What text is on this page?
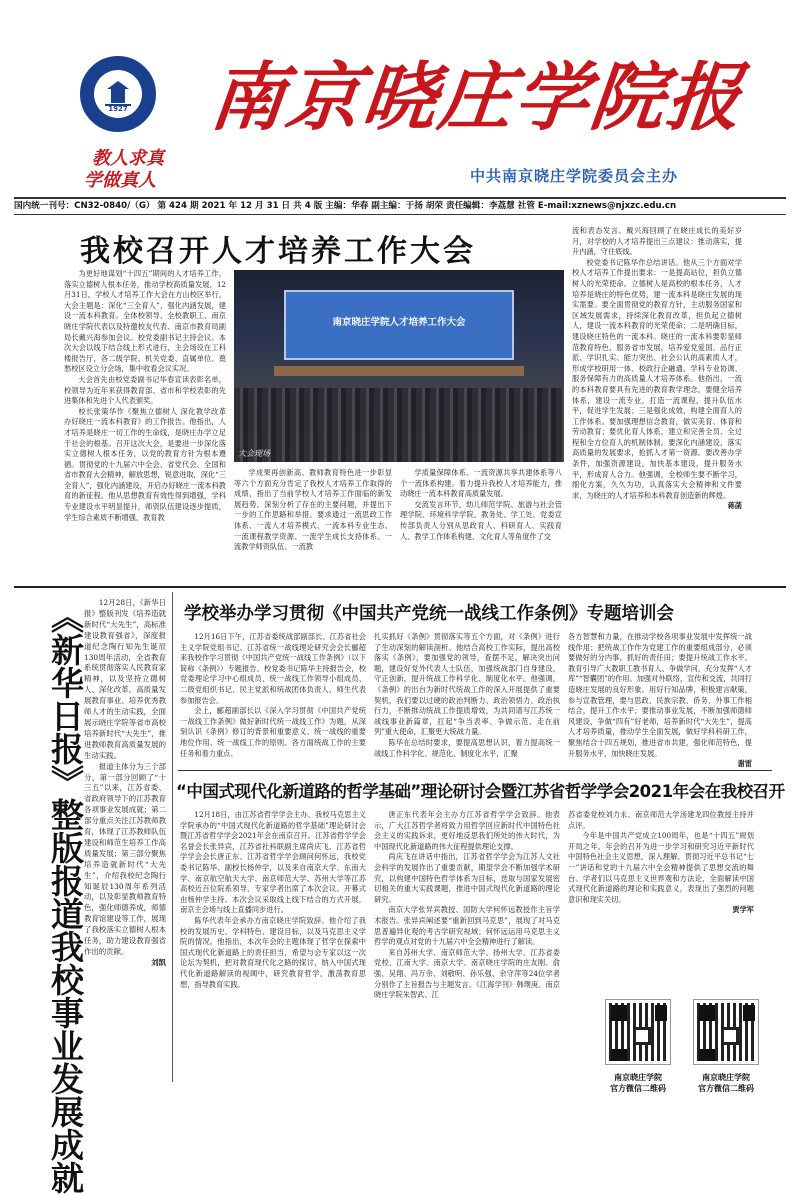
1927
教人求真
学做真人
南京晓庄学院报
中共南京晓庄学院委员会主办
国内统一刊号：CN32-0840/（G） 第 424 期 2021 年 12 月 31 日 共 4 版 主编：华春 副主编：于扬 胡荣 责任编辑：李荔慧 社管 E-mail:xznews@njxzc.edu.cn
我校召开人才培养工作大会

为更好地谋划“十四五”期间的人才培养工作，落实立德树人根本任务，推动学校高质量发展，12月31日，学校人才培养工作大会在方山校区举行。大会主题是：深化“三全育人”，强化内涵发展，建设一流本科教育。全体校领导、全校教职工、南京晓庄学院代表以及特邀校友代表、南京市教育局副局长戴兴海参加会议。校党委副书记主持会议。本次大会以线下结合线上形式进行，主会场设在工科楼报告厅，各二级学院、机关党委、直属单位、奠愁校区设立分会场，集中收看会议实况。

大会首先由校党委副书记华春宣读表彰名单，校领导为近年来获得教育部、省市和学校表彰的先进集体和先进个人代表颁奖。

校长张策华作《聚焦立德树人 深化教学改革 办好晓庄一流本科教育》的工作报告。他指出，人才培养是晓庄一切工作的生命线，是晓庄办学立足于社会的根基。召开这次大会，是要进一步深化落实立德树人根本任务，以党的教育方针为根本遵循。贯彻党的十九届六中全会、省党代会、全国和省市教育大会精神，解放思想，锐意进取，深化“三全育人”，强化内涵建设，开启办好晓庄一流本科教育的新征程。他从思想教育有效性得到增强，学科专业建设水平明显提升，师资队伍建设逐步提质，学生综合素质不断增强，教育教

南京晓庄学院人才培养工作大会
大会现场

学成果再创新高、教师教育特色进一步彰显等六个方面充分肯定了我校人才培养工作取得的成绩，指出了当前学校人才培养工作面临的新发展趋势。深刻分析了存在的主要问题，并提出下一步的工作思路和举措。要求通过一流思政工作体系、一流人才培养模式、一流本科专业生态、一流课程教学资源、一流学生成长支持体系、一流教学师资队伍、一流教

学质量保障体系、一流资源共享共建体系等八个一流体系构建。着力提升我校人才培养能力，推动晓庄一流本科教育高质量发展。

交流发言环节，幼儿师范学院、旅游与社会管理学院、环境科学学院、教务处、学工处、党委宣传部负责人分别从思政育人、科研育人、实践育人、教学工作体系构建、文化育人等角度作了交

流和表态发言。戴兴海回顾了在晓庄成长的美好岁月，对学校的人才培养提出三点建议：推动落实，提升内涵，守住底线。

校党委书记陈华作总结讲话。他从三个方面对学校人才培养工作提出要求：一是提高站位，担负立德树人的光荣使命。立德树人是高校的根本任务，人才培养是晓庄的特色优势，建一流本科是晓庄发展的现实需要。要全面贯彻党的教育方针，主动服务国家和区域发展需求，持续深化教育改革，担负起立德树人，建设一流本科教育的光荣使命；二是明确目标，建设晓庄特色的一流本科。晓庄的一流本科要彰显师范教育特色、服务省市发展，培养爱党爱国、品行正派、学识扎实、能力突出、社会公认的高素质人才，形成学校研用一体、校政行企融通、学科专业协调、服务保障有力的高质量人才培养体系。他指出，一流的本科教育要具有先进的教育教学理念，要健全培养体系，建设一流专业，打造一流课程，提升队伍水平，促进学生发展；三是强化成效，构建全面育人的工作体系。要加强理想信念教育，做实美育、体育和劳动教育；要优化育人体系，建立和完善全员、全过程和全方位育人的机制体制。要深化内涵建设，落实高质量的发展要求，抢抓人才第一资源。要改善办学条件，加强资源建设，加快基本建设，提升服务水平，形成育人合力。他强调，全校师生要不断学习，细化方案，久久为功，认真落实大会精神和文件要求，为晓庄的人才培养和本科教育创造新的辉煌。

蒋菡
《新华日报》整版报道我校事业发展成就	12月28日，《新华日报》整版刊发《培养造就新时代“大先生”，高标准建设教育强省》，深度报道纪念陶行知先生诞辰130周年活动，全省教育系统贯彻落实人民教育家精神，以及坚持立德树人、深化改革，高质量发展教育事业、培养优秀教师人才的生动实践，全面展示晓庄学院等省市高校培养新时代“大先生”，推进教师教育高质量发展的生动实践。

报道主体分为三个部分，第一部分回顾了“十三五”以来，江苏省委、省政府领导下的江苏教育各项事业发展成就；第二部分重点关注江苏教师教育，体现了江苏教师队伍建设和师范生培养工作高质量发展；第三部分聚焦培养造就新时代“大先生”，介绍我校纪念陶行知诞辰130周年系列活动，以及彰显教师教育特色，强化师德养成，师德教育馆建设等工作，展现了我校落实立德树人根本任务，助力建设教育强省作出的贡献。

刘凯
学校举办学习贯彻《中国共产党统一战线工作条例》专题培训会

12月16日下午，江苏省委统战部副部长、江苏省社会主义学院党组书记、江苏省统一战线理论研究会会长郦超来我校作学习贯彻《中国共产党统一战线工作条例》（以下简称《条例》）专题报告。校党委书记陈华主持报告会，校党委理论学习中心组成员、统一战线工作领导小组成员、二级党组织书记、民主党派和统战团体负责人、师生代表参加报告会。

会上，郦超副部长以《深入学习贯彻《中国共产党统一战线工作条例》做好新时代统一战线工作》为题，从深刻认识《条例》修订的背景和重要意义、统一战线的重要地位作用、统一战线工作的原则、各方面统战工作的主要任务和着力重点、

扎实抓好《条例》贯彻落实等五个方面，对《条例》进行了生动深刻的解读剖析。他结合高校工作实际，提出高校落实《条例》，要加强党的领导，查摆不足，解决突出问题，建设好党外代表人士队伍，加强统战部门自身建设，守正创新，提升统战工作科学化、制度化水平。他强调，《条例》的出台为新时代统战工作的深入开展提供了重要契机，我们要以过硬的政治判断力、政治领悟力、政治执行力，不断推动统战工作提质增效，为共同谱写江苏统一战线事业新篇章，扛起“争当表率、争做示范、走在前列”重大使命，汇聚更大统战力量。

陈华在总结时要求，要提高思想认识，着力提高统一战线工作科学化、规范化、制度化水平，汇聚

各方智慧和力量，在推动学校各项事业发展中发挥统一战线作用；把统战工作作为党建工作的重要组成部分，必须要做好的分内事，抓好的责任田；要提升统战工作水平。教育引导广大教职工教书育人、争做学问，充分发挥“人才库”“智囊团”的作用。加强对外联络，宣传和交流，共同打造晓庄发展的良好形象。用好行知品牌，积极建言献策，参与宣教管理，要与思政、民族宗教、侨务、外事工作相结合，提升工作水平；要推动事业发展，不断加强师德师风建设，争做“四有”好老师，培养新时代“大先生”，提高人才培养质量，推动学生全面发展，做好学科科研工作，聚焦结合十四五规划，推进省市共建，强化师范特色，提升服务水平，加快晓庄发展。

谢雷
“中国式现代化新道路的哲学基础”理论研讨会暨江苏省哲学学会2021年会在我校召开

12月18日，由江苏省哲学学会主办、我校马克思主义学院承办的“中国式现代化新道路的哲学基础”理论研讨会暨江苏省哲学学会2021年会在南京召开。江苏省哲学学会名誉会长张异宾，江苏省社科联副主席尚庆飞、江苏省哲学学会会长唐正东、江苏省哲学学会顾问何怀远，我校党委书记陈华、副校长杨仲学，以及来自南京大学、东南大学、南京航空航天大学、南京师范大学、苏州大学等江苏高校近百位院系领导、专家学者出席了本次会议。开幕式由杨仲学主持。本次会议采取线上线下结合的方式开展，南京主会场与线上直播同步进行。

陈华代表年会承办方南京晓庄学院致辞。他介绍了我校的发展历史、学科特色、建设目标，以及马克思主义学院的情况。他指出，本次年会的主题体现了哲学在探索中国式现代化新道路上的责任担当，希望与会专家以这一次论坛为契机，把对教育现代化之路的探讨，纳入中国式现代化新道路解读的视阈中，研究教育哲学，激荡教育思想，指导教育实践。

唐正东代表年会主办方江苏省哲学学会致辞。他表示，广大江苏哲学者将致力用哲学回应新时代中国特色社会主义的实践诉求，更好地反思我们所处的伟大时代，为中国现代化新道路的伟大征程提供理论支撑。

尚庆飞在讲话中指出，江苏省哲学学会为江苏人文社会科学的发展作出了重要贡献，期望学会不断加强学术研究，以构建中国特色哲学体系为目标，迭取与国家发展密切相关的重大实践课题，推进中国式现代化新道路的理论研究。

南京大学张异宾教授、国防大学何怀远教授作主旨学术报告。张异宾阐述要“重新回到马克思”，展现了对马克思普遍异化观的考古学研究视域；何怀远运用马克思主义哲学的观点对党的十九届六中全会精神进行了解读。

来自苏州大学、南京师范大学、扬州大学、江苏省委党校、江南大学、南京大学、南京晓庄学院的庄友刚、俞强、吴翔、冯万余、刘敬明、孙乐强、余守萍等24位学者分别作了主旨报告与主题发言。《江海学刊》韩璞庚、南京晓庄学院朱智武、江

苏省委党校刘力永、南京师范大学汤建龙四位教授主持并点评。

今年是中国共产党成立100周年，也是“十四五”规划开局之年。年会的召开为进一步学习和研究习近平新时代中国特色社会主义思想，深入理解、贯彻习近平总书记“七一”讲话和党的十九届六中全会精神提供了思想交流的舞台。学者们以马克思主义世界观和方法论，全面解读中国式现代化新道路的理论和实践意义，表现出了强烈的问题意识和现实关切。

贾学军
南京晓庄学院
官方微信二维码
南京晓庄学院
官方微信二维码
